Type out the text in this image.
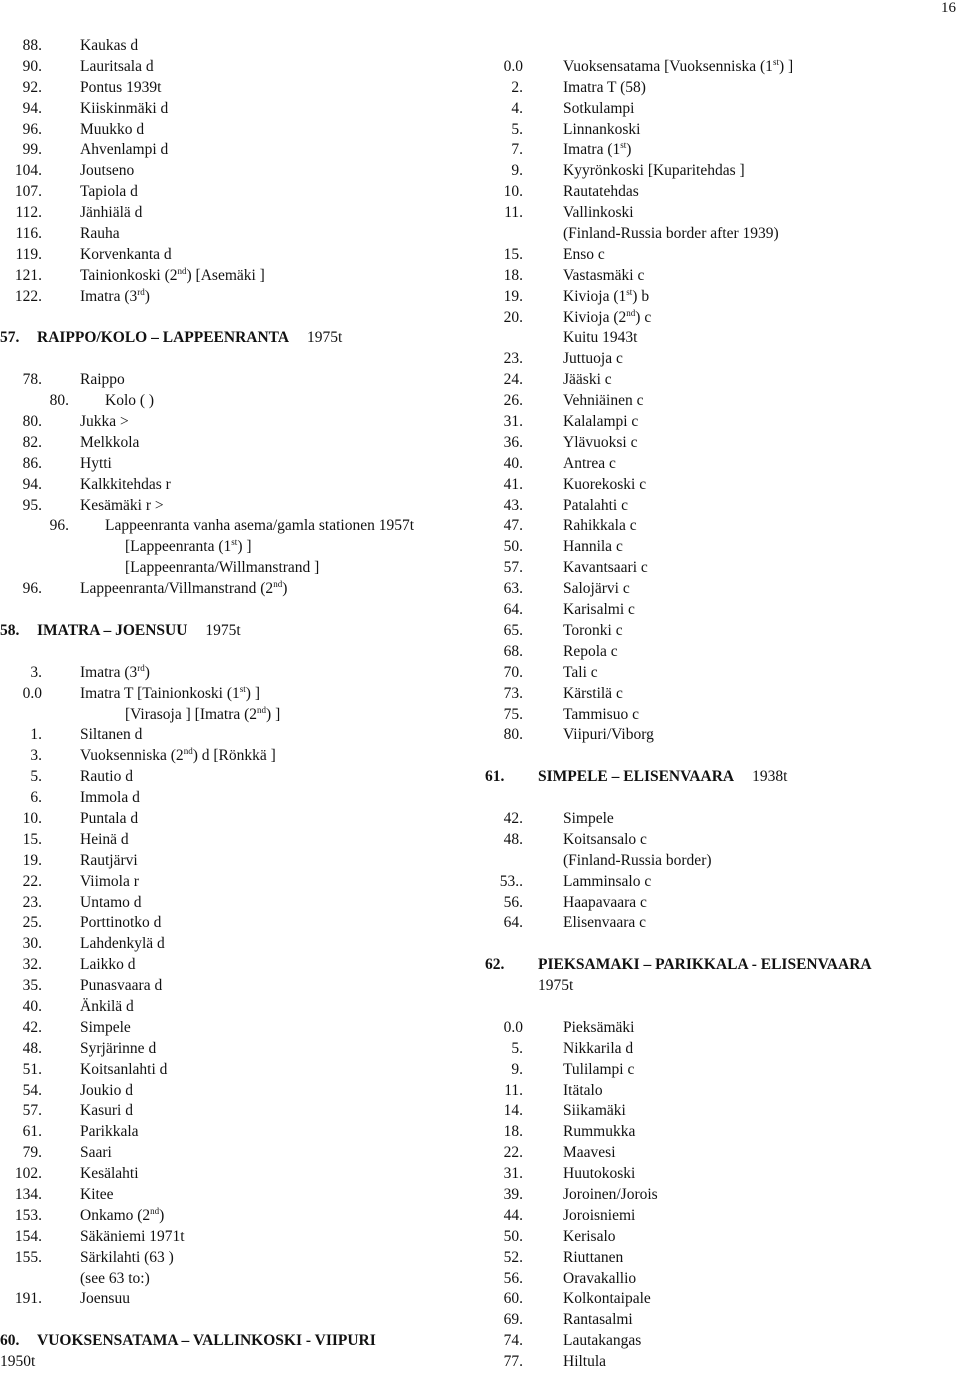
16
88. Kaukas d
90. Lauritsala d
92. Pontus 1939t
94. Kiiskinmäki d
96. Muukko d
99. Ahvenlampi d
104. Joutseno
107. Tapiola d
112. Jänhiälä d
116. Rauha
119. Korvenkanta d
121. Tainionkoski (2nd) [Asemäki ]
122. Imatra (3rd)
57. RAIPPO/KOLO – LAPPEENRANTA 1975t
78. Raippo
80. Kolo ( )
80. Jukka >
82. Melkkola
86. Hytti
94. Kalkkitehdas r
95. Kesämäki r >
96. Lappeenranta vanha asema/gamla stationen 1957t
[Lappeenranta (1st) ]
[Lappeenranta/Willmanstrand ]
96. Lappeenranta/Villmanstrand (2nd)
58. IMATRA – JOENSUU 1975t
3. Imatra (3rd)
0.0 Imatra T [Tainionkoski (1st) ]
[Virasoja ] [Imatra (2nd) ]
1. Siltanen d
3. Vuoksenniska (2nd) d [Rönkkä ]
5. Rautio d
6. Immola d
10. Puntala d
15. Heinä d
19. Rautjärvi
22. Viimola r
23. Untamo d
25. Porttinotko d
30. Lahdenkylä d
32. Laikko d
35. Punasvaara d
40. Änkilä d
42. Simpele
48. Syrjärinne d
51. Koitsanlahti d
54. Joukio d
57. Kasuri d
61. Parikkala
79. Saari
102. Kesälahti
134. Kitee
153. Onkamo (2nd)
154. Säkäniemi 1971t
155. Särkilahti (63 )
(see 63 to:)
191. Joensuu
60. VUOKSENSATAMA – VALLINKOSKI - VIIPURI
1950t
0.0	Vuoksensatama [Vuoksenniska (1st) ]
2.	Imatra T (58)
4.	Sotkulampi
5.	Linnankoski
7.	Imatra (1st)
9.	Kyyrönkoski [Kuparitehdas ]
10.	Rautatehdas
11.	Vallinkoski
(Finland-Russia border after 1939)
15.	Enso c
18.	Vastasmäki c
19.	Kivioja (1st) b
20.	Kivioja (2nd) c
Kuitu 1943t
23.	Juttuoja c
24.	Jääski c
26.	Vehniäinen c
31.	Kalalampi c
36.	Ylävuoksi c
40.	Antrea c
41.	Kuorekoski c
43.	Patalahti c
47.	Rahikkala c
50.	Hannila c
57.	Kavantsaari c
63.	Salojärvi c
64.	Karisalmi c
65.	Toronki c
68.	Repola c
70.	Tali c
73.	Kärstilä c
75.	Tammisuo c
80.	Viipuri/Viborg
61. SIMPELE – ELISENVAARA 1938t
42.	Simpele
48.	Koitsansalo c
(Finland-Russia border)
53..	Lamminsalo c
56.	Haapavaara c
64.	Elisenvaara c
62. PIEKSAMAKI – PARIKKALA - ELISENVAARA
1975t
0.0	Pieksämäki
5.	Nikkarila d
9.	Tulilampi c
11.	Itätalo
14.	Siikamäki
18.	Rummukka
22.	Maavesi
31.	Huutokoski
39.	Joroinen/Jorois
44.	Joroisniemi
50.	Kerisalo
52.	Riuttanen
56.	Oravakallio
60.	Kolkontaipale
69.	Rantasalmi
74.	Lautakangas
77.	Hiltula
